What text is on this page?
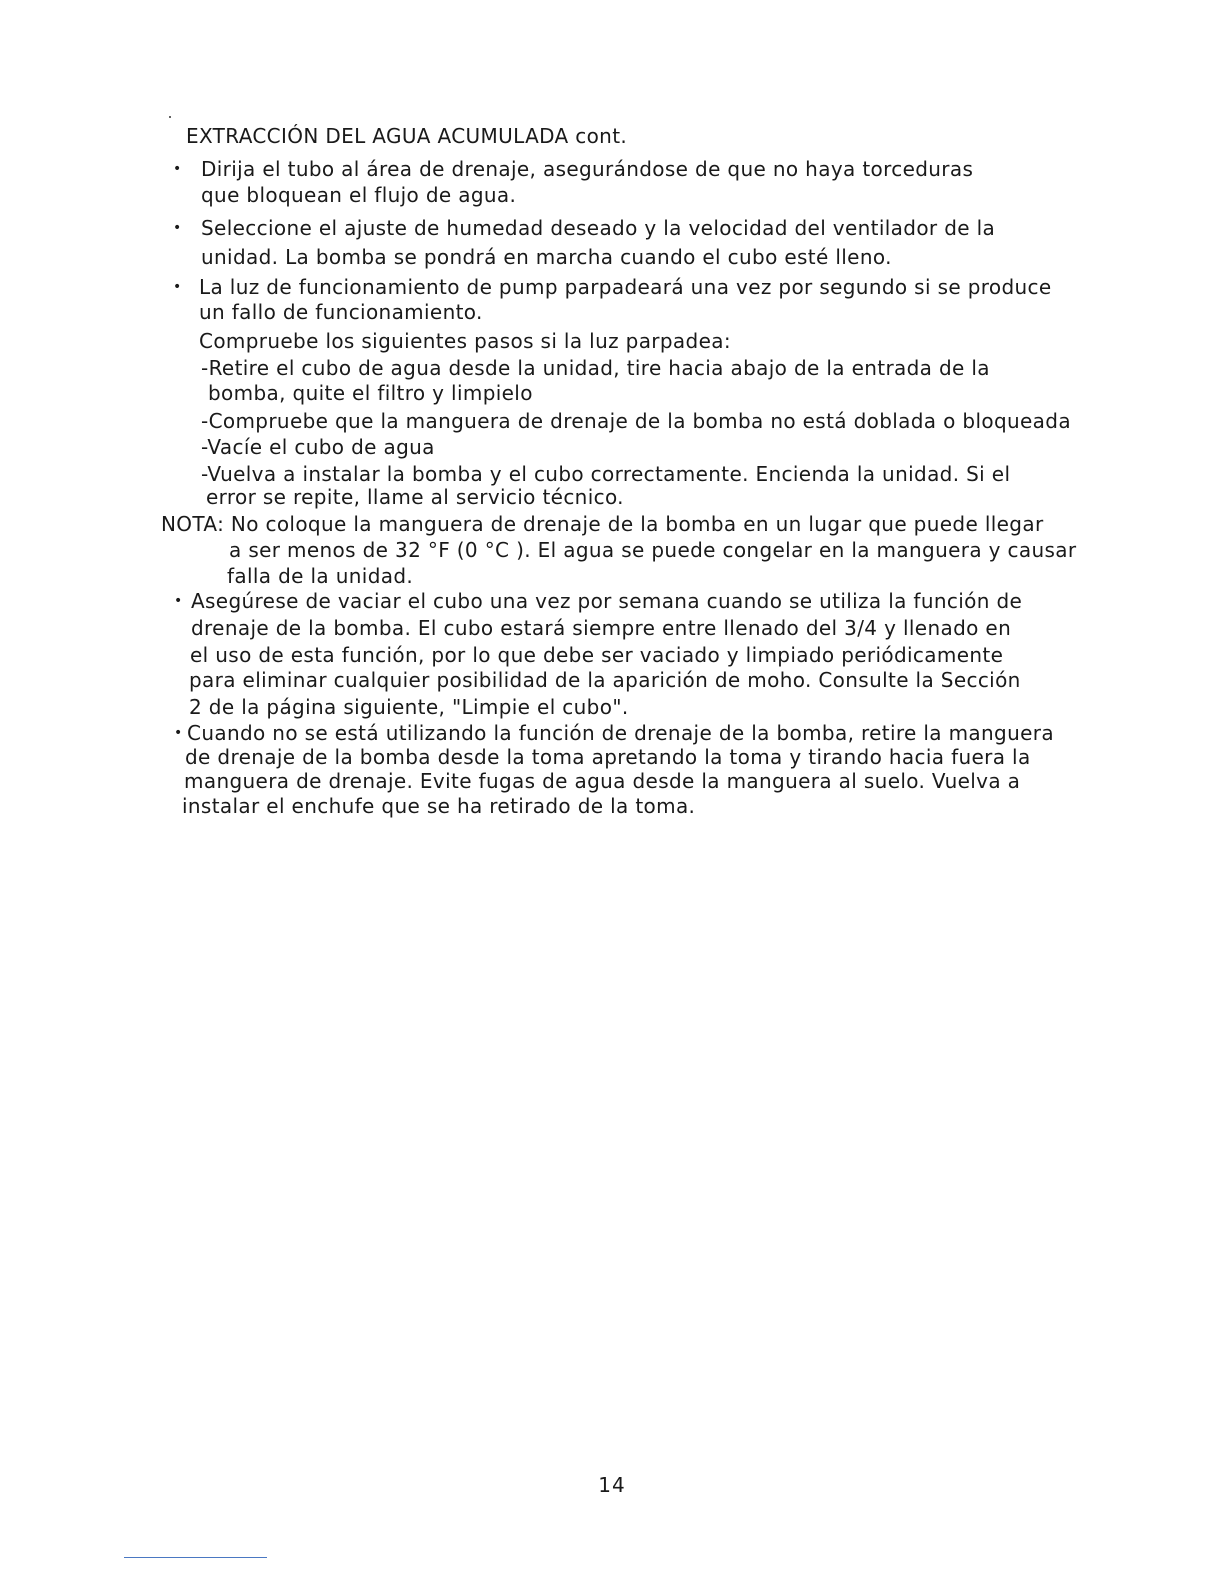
EXTRACCIÓN DEL AGUA ACUMULADA cont.
• Dirija el tubo al área de drenaje, asegurándose de que no haya torceduras
que bloquean el flujo de agua.
• Seleccione el ajuste de humedad deseado y la velocidad del ventilador de la
unidad. La bomba se pondrá en marcha cuando el cubo esté lleno.
• La luz de funcionamiento de pump parpadeará una vez por segundo si se produce
un fallo de funcionamiento.
Compruebe los siguientes pasos si la luz parpadea:
-Retire el cubo de agua desde la unidad, tire hacia abajo de la entrada de la
bomba, quite el filtro y limpielo
-Compruebe que la manguera de drenaje de la bomba no está doblada o bloqueada
-Vacíe el cubo de agua
-Vuelva a instalar la bomba y el cubo correctamente. Encienda la unidad. Si el
error se repite, llame al servicio técnico.
NOTA: No coloque la manguera de drenaje de la bomba en un lugar que puede llegar
a ser menos de 32 °F (0 °C ). El agua se puede congelar en la manguera y causar
falla de la unidad.
• Asegúrese de vaciar el cubo una vez por semana cuando se utiliza la función de
drenaje de la bomba. El cubo estará siempre entre llenado del 3/4 y llenado en
el uso de esta función, por lo que debe ser vaciado y limpiado periódicamente
para eliminar cualquier posibilidad de la aparición de moho. Consulte la Sección
2 de la página siguiente, "Limpie el cubo".
• Cuando no se está utilizando la función de drenaje de la bomba, retire la manguera
de drenaje de la bomba desde la toma apretando la toma y tirando hacia fuera la
manguera de drenaje. Evite fugas de agua desde la manguera al suelo. Vuelva a
instalar el enchufe que se ha retirado de la toma.
14
